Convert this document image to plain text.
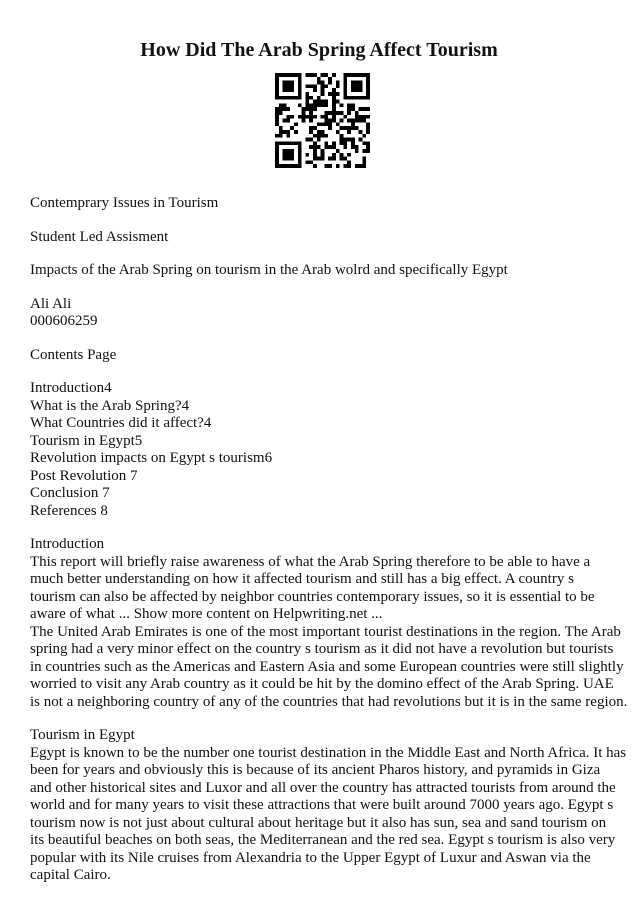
How Did The Arab Spring Affect Tourism

Contemprary Issues in Tourism

Student Led Assisment

Impacts of the Arab Spring on tourism in the Arab wolrd and specifically Egypt

Ali Ali
000606259

Contents Page

Introduction4
What is the Arab Spring?4
What Countries did it affect?4
Tourism in Egypt5
Revolution impacts on Egypt s tourism6
Post Revolution 7
Conclusion 7
References 8
Introduction
This report will briefly raise awareness of what the Arab Spring therefore to be able to have a
much better understanding on how it affected tourism and still has a big effect. A country s
tourism can also be affected by neighbor countries contemporary issues, so it is essential to be
aware of what ... Show more content on Helpwriting.net ...
The United Arab Emirates is one of the most important tourist destinations in the region. The Arab
spring had a very minor effect on the country s tourism as it did not have a revolution but tourists
in countries such as the Americas and Eastern Asia and some European countries were still slightly
worried to visit any Arab country as it could be hit by the domino effect of the Arab Spring. UAE
is not a neighboring country of any of the countries that had revolutions but it is in the same region.
Tourism in Egypt
Egypt is known to be the number one tourist destination in the Middle East and North Africa. It has
been for years and obviously this is because of its ancient Pharos history, and pyramids in Giza
and other historical sites and Luxor and all over the country has attracted tourists from around the
world and for many years to visit these attractions that were built around 7000 years ago. Egypt s
tourism now is not just about cultural about heritage but it also has sun, sea and sand tourism on
its beautiful beaches on both seas, the Mediterranean and the red sea. Egypt s tourism is also very
popular with its Nile cruises from Alexandria to the Upper Egypt of Luxur and Aswan via the
capital Cairo.
